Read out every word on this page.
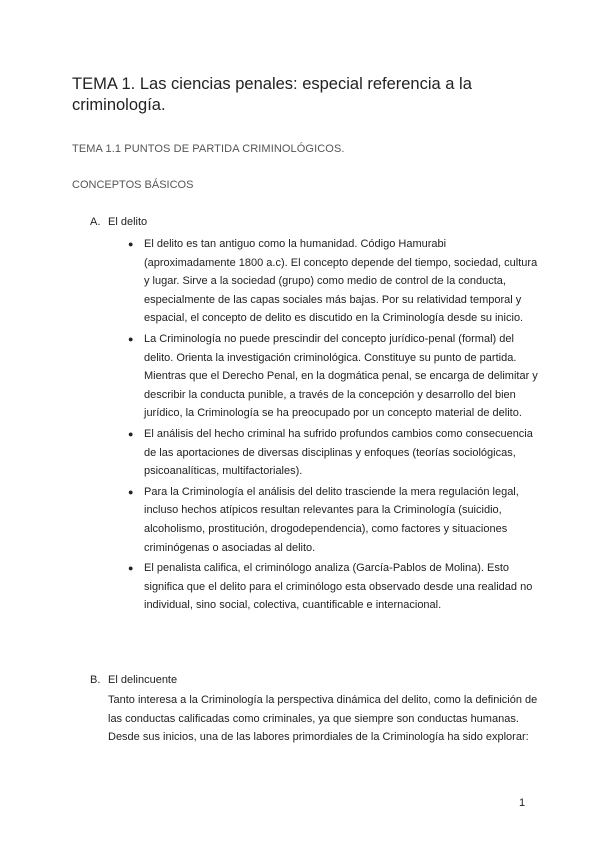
TEMA 1. Las ciencias penales: especial referencia a la criminología.

TEMA 1.1 PUNTOS DE PARTIDA CRIMINOLÓGICOS.

CONCEPTOS BÁSICOS

A. El delito
● El delito es tan antiguo como la humanidad. Código Hamurabi (aproximadamente 1800 a.c). El concepto depende del tiempo, sociedad, cultura y lugar. Sirve a la sociedad (grupo) como medio de control de la conducta, especialmente de las capas sociales más bajas. Por su relatividad temporal y espacial, el concepto de delito es discutido en la Criminología desde su inicio.
● La Criminología no puede prescindir del concepto jurídico-penal (formal) del delito. Orienta la investigación criminológica. Constituye su punto de partida. Mientras que el Derecho Penal, en la dogmática penal, se encarga de delimitar y describir la conducta punible, a través de la concepción y desarrollo del bien jurídico, la Criminología se ha preocupado por un concepto material de delito.
● El análisis del hecho criminal ha sufrido profundos cambios como consecuencia de las aportaciones de diversas disciplinas y enfoques (teorías sociológicas, psicoanalíticas, multifactoriales).
● Para la Criminología el análisis del delito trasciende la mera regulación legal, incluso hechos atípicos resultan relevantes para la Criminología (suicidio, alcoholismo, prostitución, drogodependencia), como factores y situaciones criminógenas o asociadas al delito.
● El penalista califica, el criminólogo analiza (García-Pablos de Molina). Esto significa que el delito para el criminólogo esta observado desde una realidad no individual, sino social, colectiva, cuantificable e internacional.
B. El delincuente

Tanto interesa a la Criminología la perspectiva dinámica del delito, como la definición de las conductas calificadas como criminales, ya que siempre son conductas humanas. Desde sus inicios, una de las labores primordiales de la Criminología ha sido explorar:

1
